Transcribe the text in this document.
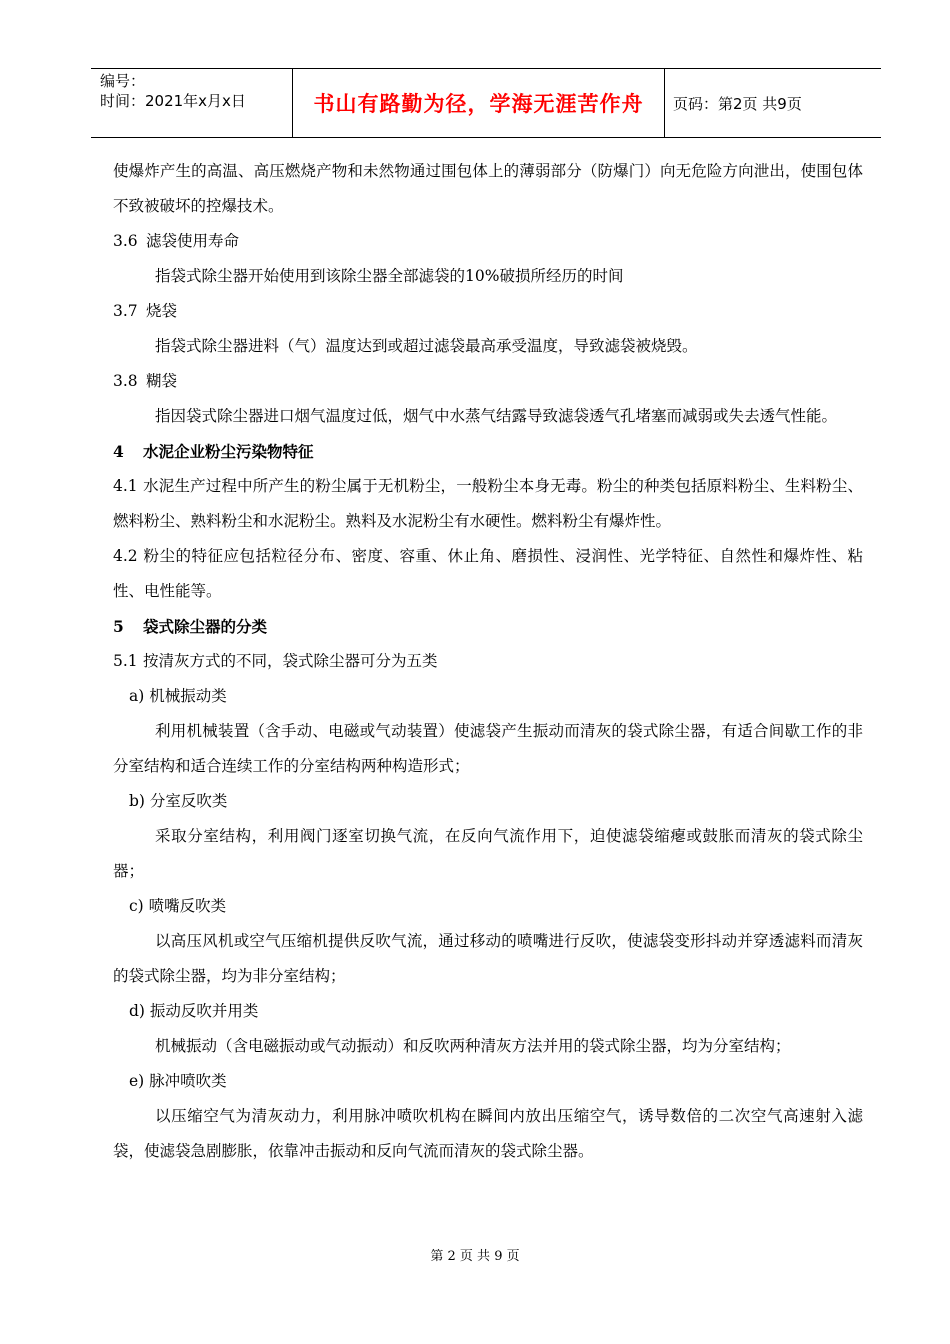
编号：
时间：2021年x月x日	书山有路勤为径，学海无涯苦作舟	页码：第2页 共9页
使爆炸产生的高温、高压燃烧产物和未然物通过围包体上的薄弱部分（防爆门）向无危险方向泄出，使围包体不致被破坏的控爆技术。
3.6 滤袋使用寿命
指袋式除尘器开始使用到该除尘器全部滤袋的10%破损所经历的时间
3.7 烧袋
指袋式除尘器进料（气）温度达到或超过滤袋最高承受温度，导致滤袋被烧毁。
3.8 糊袋
指因袋式除尘器进口烟气温度过低，烟气中水蒸气结露导致滤袋透气孔堵塞而减弱或失去透气性能。
4 水泥企业粉尘污染物特征
4.1 水泥生产过程中所产生的粉尘属于无机粉尘，一般粉尘本身无毒。粉尘的种类包括原料粉尘、生料粉尘、燃料粉尘、熟料粉尘和水泥粉尘。熟料及水泥粉尘有水硬性。燃料粉尘有爆炸性。
4.2 粉尘的特征应包括粒径分布、密度、容重、休止角、磨损性、浸润性、光学特征、自然性和爆炸性、粘性、电性能等。
5 袋式除尘器的分类
5.1 按清灰方式的不同，袋式除尘器可分为五类
a) 机械振动类
利用机械装置（含手动、电磁或气动装置）使滤袋产生振动而清灰的袋式除尘器，有适合间歇工作的非分室结构和适合连续工作的分室结构两种构造形式；
b) 分室反吹类
采取分室结构，利用阀门逐室切换气流，在反向气流作用下，迫使滤袋缩瘪或鼓胀而清灰的袋式除尘器；
c) 喷嘴反吹类
以高压风机或空气压缩机提供反吹气流，通过移动的喷嘴进行反吹，使滤袋变形抖动并穿透滤料而清灰的袋式除尘器，均为非分室结构；
d) 振动反吹并用类
机械振动（含电磁振动或气动振动）和反吹两种清灰方法并用的袋式除尘器，均为分室结构；
e) 脉冲喷吹类
以压缩空气为清灰动力，利用脉冲喷吹机构在瞬间内放出压缩空气，诱导数倍的二次空气高速射入滤袋，使滤袋急剧膨胀，依靠冲击振动和反向气流而清灰的袋式除尘器。
第 2 页 共 9 页
